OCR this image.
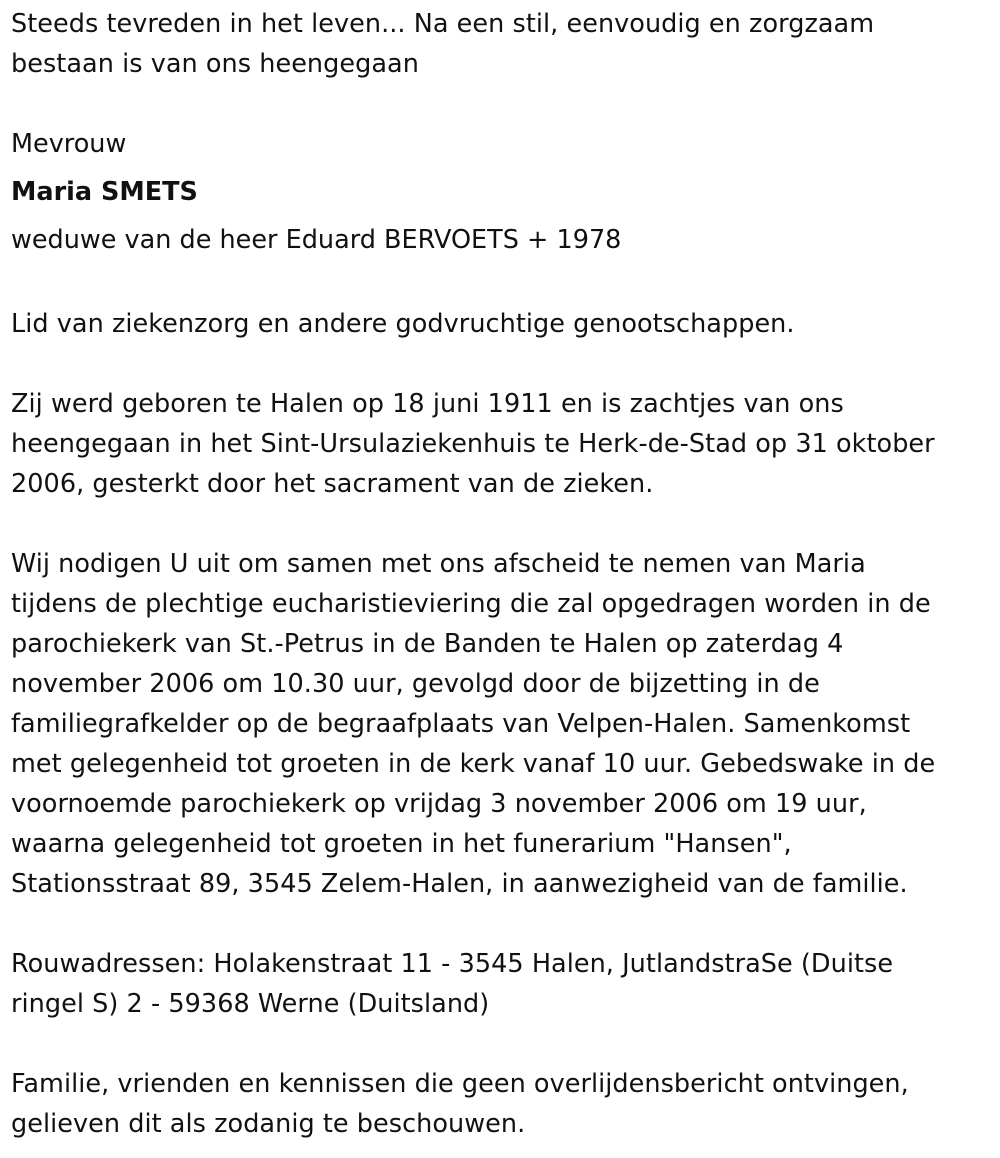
Steeds tevreden in het leven... Na een stil, eenvoudig en zorgzaam
bestaan is van ons heengegaan

Mevrouw
Maria SMETS
weduwe van de heer Eduard BERVOETS + 1978

Lid van ziekenzorg en andere godvruchtige genootschappen.

Zij werd geboren te Halen op 18 juni 1911 en is zachtjes van ons
heengegaan in het Sint-Ursulaziekenhuis te Herk-de-Stad op 31 oktober
2006, gesterkt door het sacrament van de zieken.

Wij nodigen U uit om samen met ons afscheid te nemen van Maria
tijdens de plechtige eucharistieviering die zal opgedragen worden in de
parochiekerk van St.-Petrus in de Banden te Halen op zaterdag 4
november 2006 om 10.30 uur, gevolgd door de bijzetting in de
familiegrafkelder op de begraafplaats van Velpen-Halen. Samenkomst
met gelegenheid tot groeten in de kerk vanaf 10 uur. Gebedswake in de
voornoemde parochiekerk op vrijdag 3 november 2006 om 19 uur,
waarna gelegenheid tot groeten in het funerarium "Hansen",
Stationsstraat 89, 3545 Zelem-Halen, in aanwezigheid van de familie.

Rouwadressen: Holakenstraat 11 - 3545 Halen, JutlandstraSe (Duitse
ringel S) 2 - 59368 Werne (Duitsland)

Familie, vrienden en kennissen die geen overlijdensbericht ontvingen,
gelieven dit als zodanig te beschouwen.
